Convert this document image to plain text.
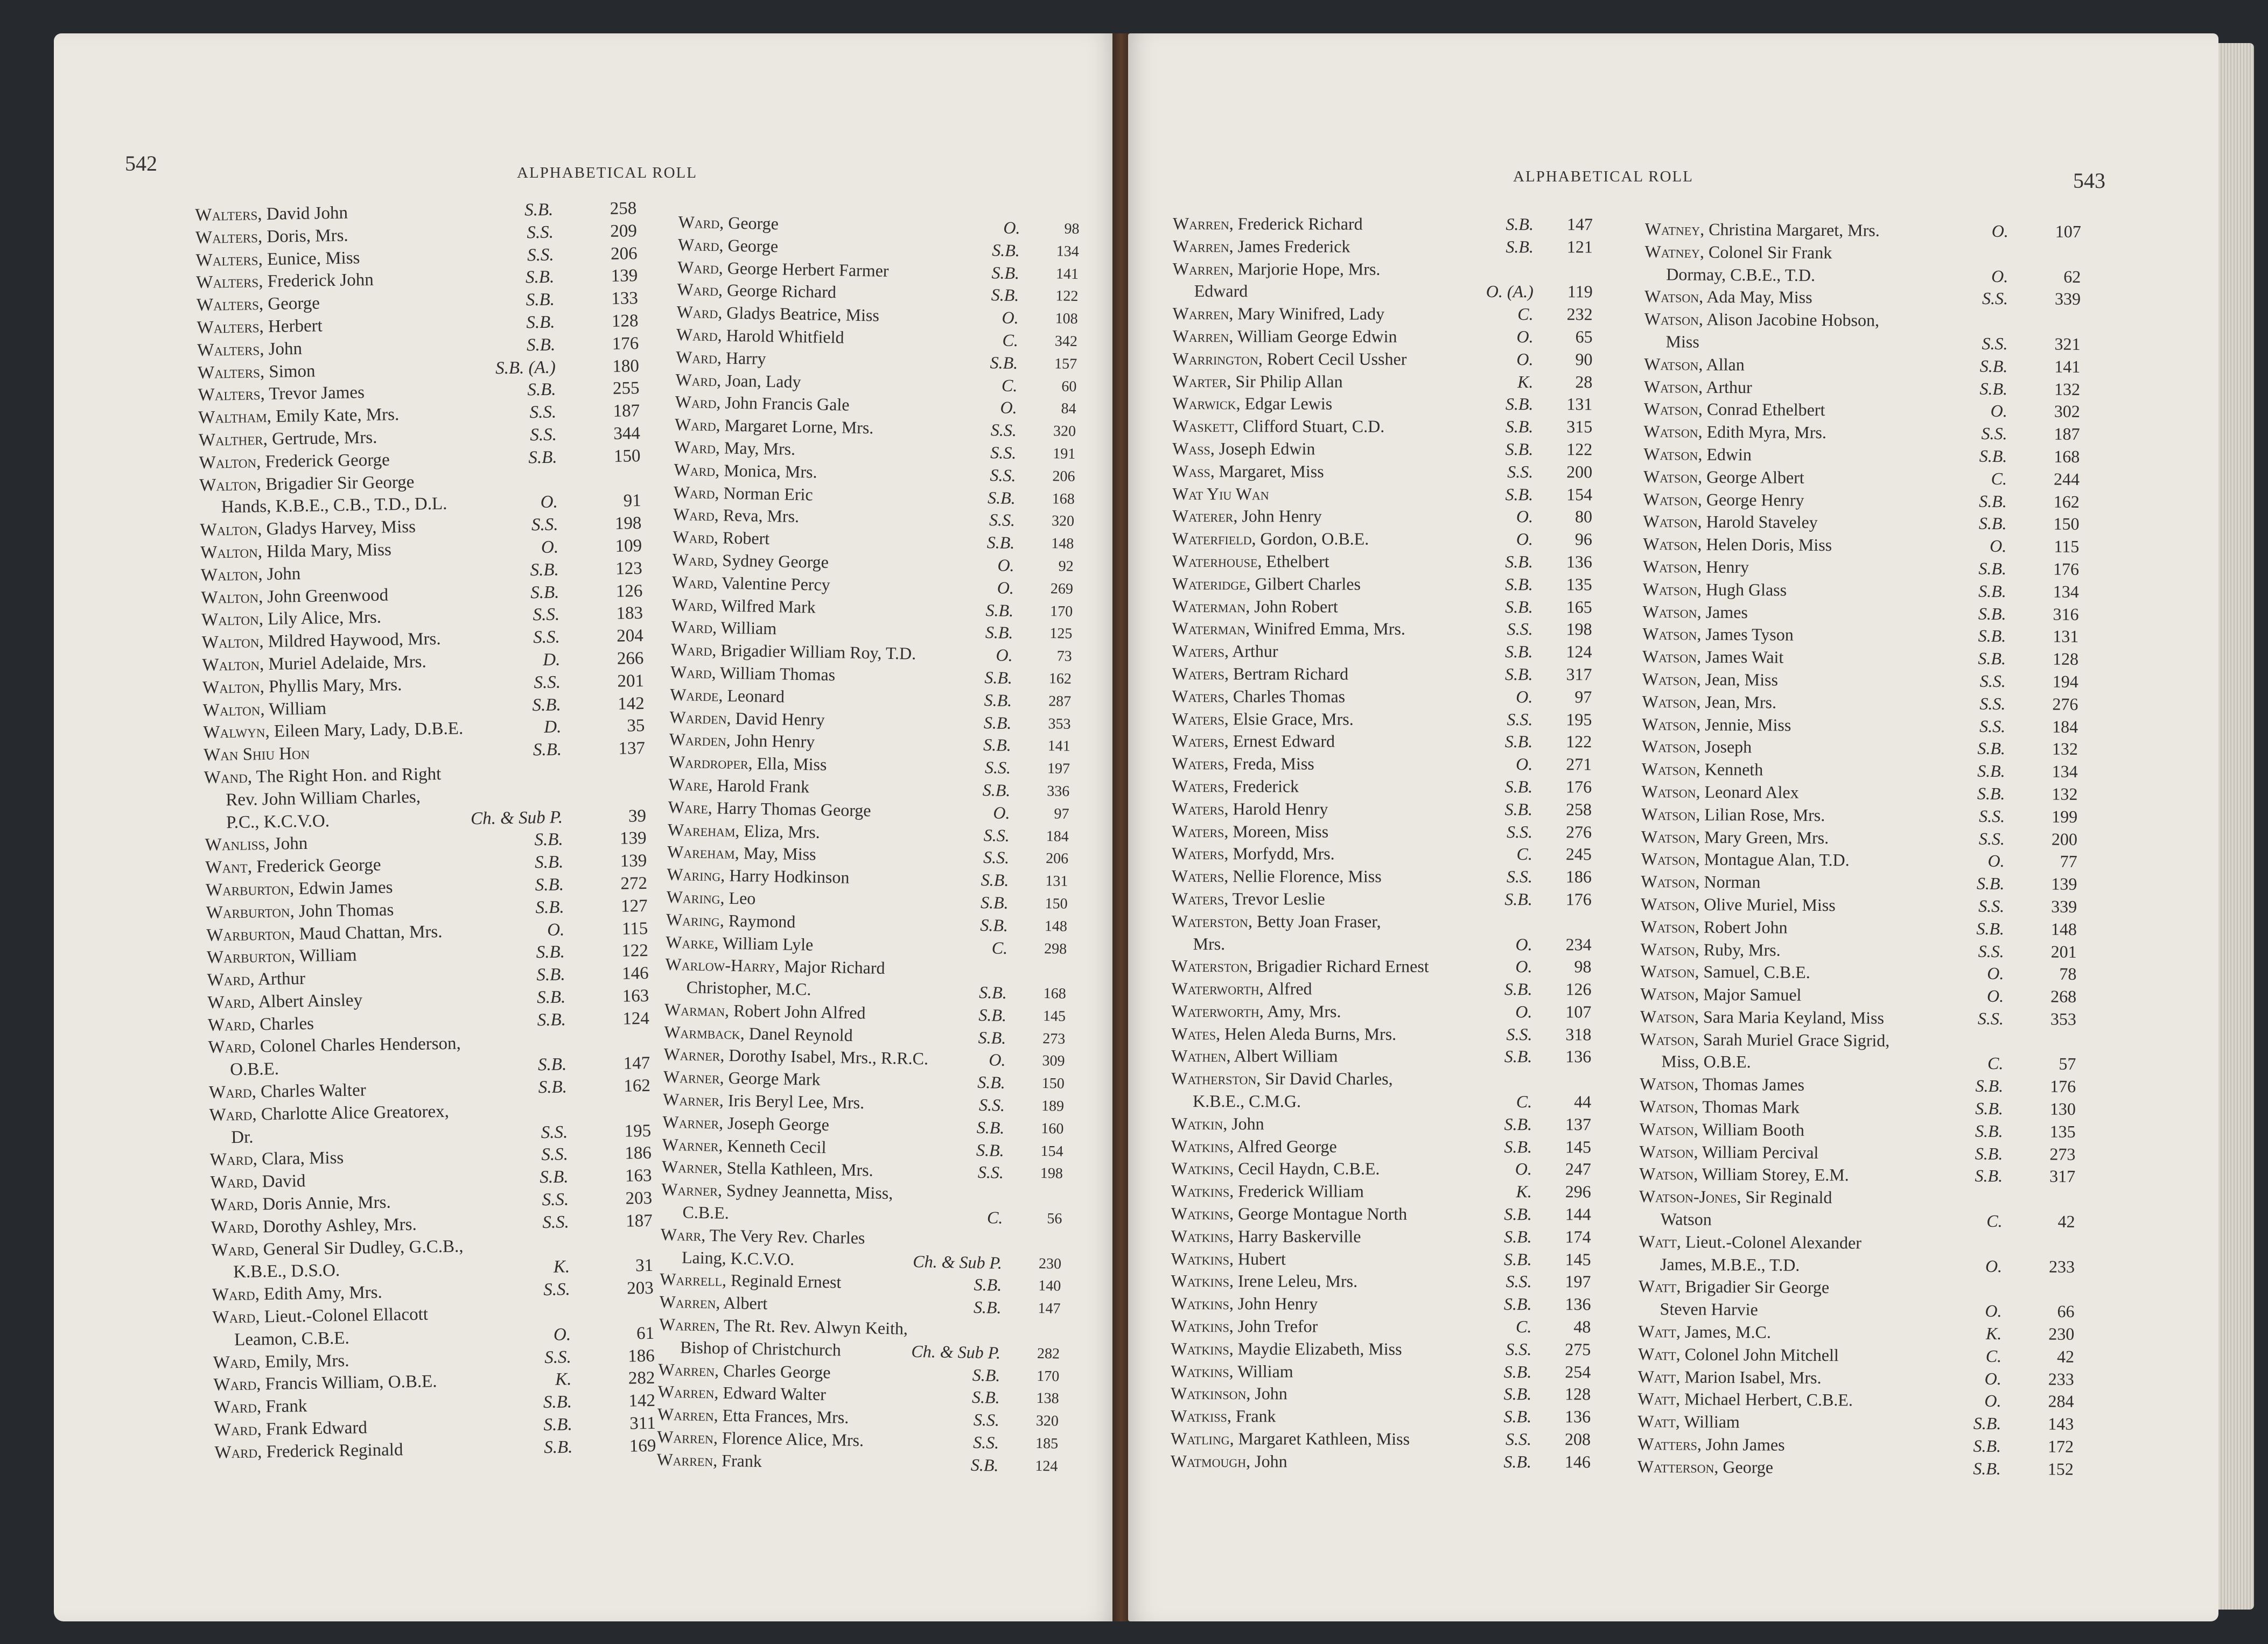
542	ALPHABETICAL ROLL	ALPHABETICAL ROLL	543
Walters, David John	S.B.	258
Walters, Doris, Mrs.	S.S.	209
Walters, Eunice, Miss	S.S.	206
Walters, Frederick John	S.B.	139
Walters, George	S.B.	133
Walters, Herbert	S.B.	128
Walters, John	S.B.	176
Walters, Simon	S.B. (A.)	180
Walters, Trevor James	S.B.	255
Waltham, Emily Kate, Mrs.	S.S.	187
Walther, Gertrude, Mrs.	S.S.	344
Walton, Frederick George	S.B.	150
Walton, Brigadier Sir George
Hands, K.B.E., C.B., T.D., D.L.	O.	91
Walton, Gladys Harvey, Miss	S.S.	198
Walton, Hilda Mary, Miss	O.	109
Walton, John	S.B.	123
Walton, John Greenwood	S.B.	126
Walton, Lily Alice, Mrs.	S.S.	183
Walton, Mildred Haywood, Mrs.	S.S.	204
Walton, Muriel Adelaide, Mrs.	D.	266
Walton, Phyllis Mary, Mrs.	S.S.	201
Walton, William	S.B.	142
Walwyn, Eileen Mary, Lady, D.B.E.	D.	35
Wan Shiu Hon	S.B.	137
Wand, The Right Hon. and Right
Rev. John William Charles,
P.C., K.C.V.O.	Ch. & Sub P.	39
Wanliss, John	S.B.	139
Want, Frederick George	S.B.	139
Warburton, Edwin James	S.B.	272
Warburton, John Thomas	S.B.	127
Warburton, Maud Chattan, Mrs.	O.	115
Warburton, William	S.B.	122
Ward, Arthur	S.B.	146
Ward, Albert Ainsley	S.B.	163
Ward, Charles	S.B.	124
Ward, Colonel Charles Henderson,
O.B.E.	S.B.	147
Ward, Charles Walter	S.B.	162
Ward, Charlotte Alice Greatorex,
Dr.	S.S.	195
Ward, Clara, Miss	S.S.	186
Ward, David	S.B.	163
Ward, Doris Annie, Mrs.	S.S.	203
Ward, Dorothy Ashley, Mrs.	S.S.	187
Ward, General Sir Dudley, G.C.B.,
K.B.E., D.S.O.	K.	31
Ward, Edith Amy, Mrs.	S.S.	203
Ward, Lieut.-Colonel Ellacott
Leamon, C.B.E.	O.	61
Ward, Emily, Mrs.	S.S.	186
Ward, Francis William, O.B.E.	K.	282
Ward, Frank	S.B.	142
Ward, Frank Edward	S.B.	311
Ward, Frederick Reginald	S.B.	169
Ward, George	O.	98
Ward, George	S.B.	134
Ward, George Herbert Farmer	S.B.	141
Ward, George Richard	S.B.	122
Ward, Gladys Beatrice, Miss	O.	108
Ward, Harold Whitfield	C.	342
Ward, Harry	S.B.	157
Ward, Joan, Lady	C.	60
Ward, John Francis Gale	O.	84
Ward, Margaret Lorne, Mrs.	S.S.	320
Ward, May, Mrs.	S.S.	191
Ward, Monica, Mrs.	S.S.	206
Ward, Norman Eric	S.B.	168
Ward, Reva, Mrs.	S.S.	320
Ward, Robert	S.B.	148
Ward, Sydney George	O.	92
Ward, Valentine Percy	O.	269
Ward, Wilfred Mark	S.B.	170
Ward, William	S.B.	125
Ward, Brigadier William Roy, T.D.	O.	73
Ward, William Thomas	S.B.	162
Warde, Leonard	S.B.	287
Warden, David Henry	S.B.	353
Warden, John Henry	S.B.	141
Wardroper, Ella, Miss	S.S.	197
Ware, Harold Frank	S.B.	336
Ware, Harry Thomas George	O.	97
Wareham, Eliza, Mrs.	S.S.	184
Wareham, May, Miss	S.S.	206
Waring, Harry Hodkinson	S.B.	131
Waring, Leo	S.B.	150
Waring, Raymond	S.B.	148
Warke, William Lyle	C.	298
Warlow-Harry, Major Richard
Christopher, M.C.	S.B.	168
Warman, Robert John Alfred	S.B.	145
Warmback, Danel Reynold	S.B.	273
Warner, Dorothy Isabel, Mrs., R.R.C.	O.	309
Warner, George Mark	S.B.	150
Warner, Iris Beryl Lee, Mrs.	S.S.	189
Warner, Joseph George	S.B.	160
Warner, Kenneth Cecil	S.B.	154
Warner, Stella Kathleen, Mrs.	S.S.	198
Warner, Sydney Jeannetta, Miss,
C.B.E.	C.	56
Warr, The Very Rev. Charles
Laing, K.C.V.O.	Ch. & Sub P.	230
Warrell, Reginald Ernest	S.B.	140
Warren, Albert	S.B.	147
Warren, The Rt. Rev. Alwyn Keith,
Bishop of Christchurch	Ch. & Sub P.	282
Warren, Charles George	S.B.	170
Warren, Edward Walter	S.B.	138
Warren, Etta Frances, Mrs.	S.S.	320
Warren, Florence Alice, Mrs.	S.S.	185
Warren, Frank	S.B.	124
Warren, Frederick Richard	S.B.	147
Warren, James Frederick	S.B.	121
Warren, Marjorie Hope, Mrs.
Edward	O. (A.)	119
Warren, Mary Winifred, Lady	C.	232
Warren, William George Edwin	O.	65
Warrington, Robert Cecil Ussher	O.	90
Warter, Sir Philip Allan	K.	28
Warwick, Edgar Lewis	S.B.	131
Waskett, Clifford Stuart, C.D.	S.B.	315
Wass, Joseph Edwin	S.B.	122
Wass, Margaret, Miss	S.S.	200
Wat Yiu Wan	S.B.	154
Waterer, John Henry	O.	80
Waterfield, Gordon, O.B.E.	O.	96
Waterhouse, Ethelbert	S.B.	136
Wateridge, Gilbert Charles	S.B.	135
Waterman, John Robert	S.B.	165
Waterman, Winifred Emma, Mrs.	S.S.	198
Waters, Arthur	S.B.	124
Waters, Bertram Richard	S.B.	317
Waters, Charles Thomas	O.	97
Waters, Elsie Grace, Mrs.	S.S.	195
Waters, Ernest Edward	S.B.	122
Waters, Freda, Miss	O.	271
Waters, Frederick	S.B.	176
Waters, Harold Henry	S.B.	258
Waters, Moreen, Miss	S.S.	276
Waters, Morfydd, Mrs.	C.	245
Waters, Nellie Florence, Miss	S.S.	186
Waters, Trevor Leslie	S.B.	176
Waterston, Betty Joan Fraser,
Mrs.	O.	234
Waterston, Brigadier Richard Ernest	O.	98
Waterworth, Alfred	S.B.	126
Waterworth, Amy, Mrs.	O.	107
Wates, Helen Aleda Burns, Mrs.	S.S.	318
Wathen, Albert William	S.B.	136
Watherston, Sir David Charles,
K.B.E., C.M.G.	C.	44
Watkin, John	S.B.	137
Watkins, Alfred George	S.B.	145
Watkins, Cecil Haydn, C.B.E.	O.	247
Watkins, Frederick William	K.	296
Watkins, George Montague North	S.B.	144
Watkins, Harry Baskerville	S.B.	174
Watkins, Hubert	S.B.	145
Watkins, Irene Leleu, Mrs.	S.S.	197
Watkins, John Henry	S.B.	136
Watkins, John Trefor	C.	48
Watkins, Maydie Elizabeth, Miss	S.S.	275
Watkins, William	S.B.	254
Watkinson, John	S.B.	128
Watkiss, Frank	S.B.	136
Watling, Margaret Kathleen, Miss	S.S.	208
Watmough, John	S.B.	146
Watney, Christina Margaret, Mrs.	O.	107
Watney, Colonel Sir Frank
Dormay, C.B.E., T.D.	O.	62
Watson, Ada May, Miss	S.S.	339
Watson, Alison Jacobine Hobson,
Miss	S.S.	321
Watson, Allan	S.B.	141
Watson, Arthur	S.B.	132
Watson, Conrad Ethelbert	O.	302
Watson, Edith Myra, Mrs.	S.S.	187
Watson, Edwin	S.B.	168
Watson, George Albert	C.	244
Watson, George Henry	S.B.	162
Watson, Harold Staveley	S.B.	150
Watson, Helen Doris, Miss	O.	115
Watson, Henry	S.B.	176
Watson, Hugh Glass	S.B.	134
Watson, James	S.B.	316
Watson, James Tyson	S.B.	131
Watson, James Wait	S.B.	128
Watson, Jean, Miss	S.S.	194
Watson, Jean, Mrs.	S.S.	276
Watson, Jennie, Miss	S.S.	184
Watson, Joseph	S.B.	132
Watson, Kenneth	S.B.	134
Watson, Leonard Alex	S.B.	132
Watson, Lilian Rose, Mrs.	S.S.	199
Watson, Mary Green, Mrs.	S.S.	200
Watson, Montague Alan, T.D.	O.	77
Watson, Norman	S.B.	139
Watson, Olive Muriel, Miss	S.S.	339
Watson, Robert John	S.B.	148
Watson, Ruby, Mrs.	S.S.	201
Watson, Samuel, C.B.E.	O.	78
Watson, Major Samuel	O.	268
Watson, Sara Maria Keyland, Miss	S.S.	353
Watson, Sarah Muriel Grace Sigrid,
Miss, O.B.E.	C.	57
Watson, Thomas James	S.B.	176
Watson, Thomas Mark	S.B.	130
Watson, William Booth	S.B.	135
Watson, William Percival	S.B.	273
Watson, William Storey, E.M.	S.B.	317
Watson-Jones, Sir Reginald
Watson	C.	42
Watt, Lieut.-Colonel Alexander
James, M.B.E., T.D.	O.	233
Watt, Brigadier Sir George
Steven Harvie	O.	66
Watt, James, M.C.	K.	230
Watt, Colonel John Mitchell	C.	42
Watt, Marion Isabel, Mrs.	O.	233
Watt, Michael Herbert, C.B.E.	O.	284
Watt, William	S.B.	143
Watters, John James	S.B.	172
Watterson, George	S.B.	152
